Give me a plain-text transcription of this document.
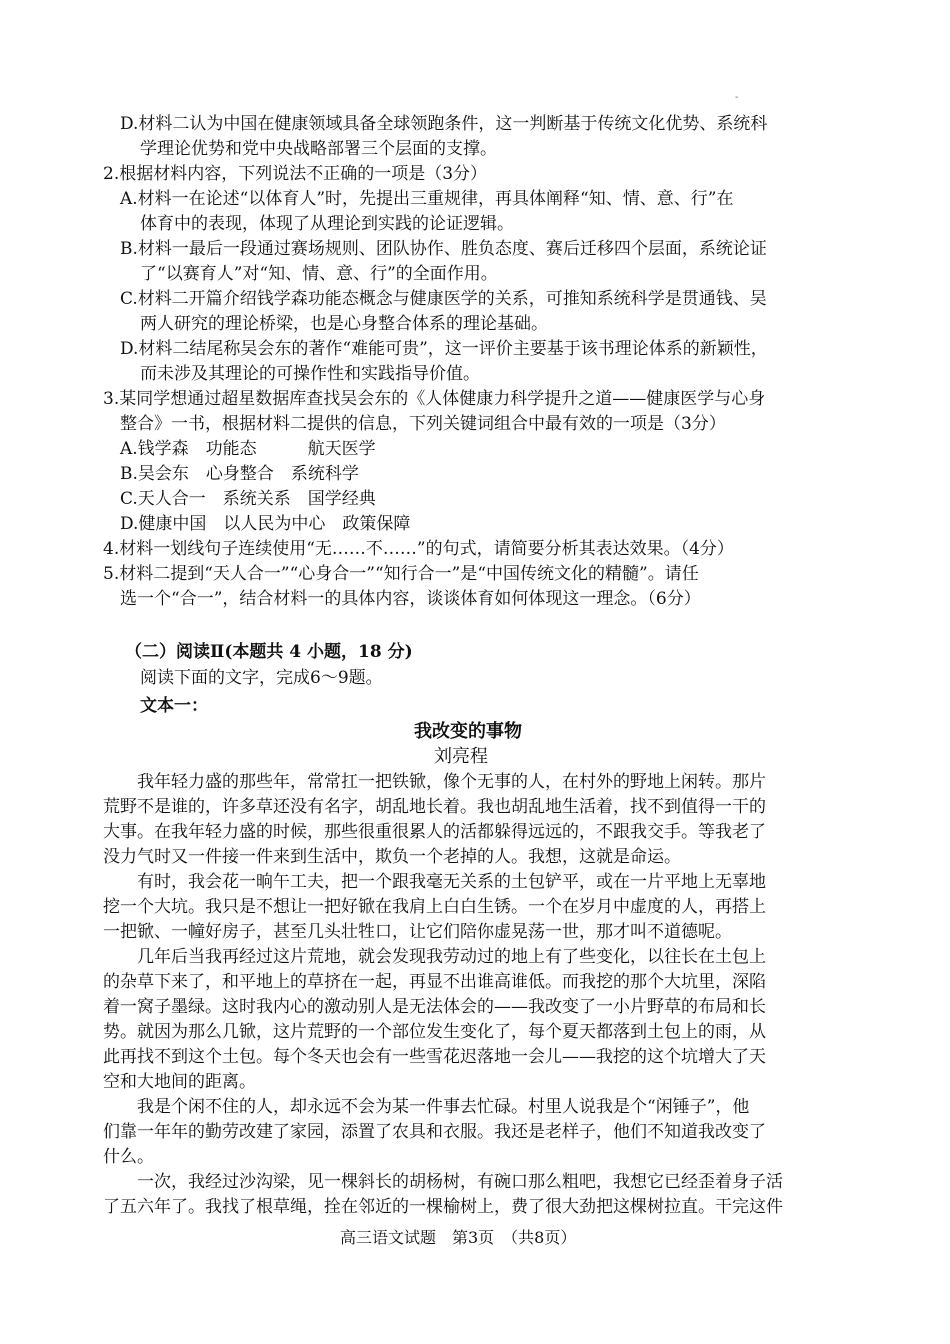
-
D.材料二认为中国在健康领域具备全球领跑条件，这一判断基于传统文化优势、系统科
学理论优势和党中央战略部署三个层面的支撑。
2.根据材料内容，下列说法不正确的一项是（3分）
A.材料一在论述“以体育人”时，先提出三重规律，再具体阐释“知、情、意、行”在
体育中的表现，体现了从理论到实践的论证逻辑。
B.材料一最后一段通过赛场规则、团队协作、胜负态度、赛后迁移四个层面，系统论证
了“以赛育人”对“知、情、意、行”的全面作用。
C.材料二开篇介绍钱学森功能态概念与健康医学的关系，可推知系统科学是贯通钱、吴
两人研究的理论桥梁，也是心身整合体系的理论基础。
D.材料二结尾称吴会东的著作“难能可贵”，这一评价主要基于该书理论体系的新颖性，
而未涉及其理论的可操作性和实践指导价值。
3.某同学想通过超星数据库查找吴会东的《人体健康力科学提升之道——健康医学与心身
整合》一书，根据材料二提供的信息，下列关键词组合中最有效的一项是（3分）
A.钱学森　功能态　　　航天医学
B.吴会东　心身整合　系统科学
C.天人合一　系统关系　国学经典
D.健康中国　以人民为中心　政策保障
4.材料一划线句子连续使用“无……不……”的句式，请简要分析其表达效果。（4分）
5.材料二提到“天人合一”“心身合一”“知行合一”是“中国传统文化的精髓”。请任
选一个“合一”，结合材料一的具体内容，谈谈体育如何体现这一理念。（6分）
（二）阅读Ⅱ(本题共 4 小题，18 分)
阅读下面的文字，完成6～9题。
文本一：
我改变的事物
刘亮程
　　我年轻力盛的那些年，常常扛一把铁锨，像个无事的人，在村外的野地上闲转。那片
荒野不是谁的，许多草还没有名字，胡乱地长着。我也胡乱地生活着，找不到值得一干的
大事。在我年轻力盛的时候，那些很重很累人的活都躲得远远的，不跟我交手。等我老了
没力气时又一件接一件来到生活中，欺负一个老掉的人。我想，这就是命运。
　　有时，我会花一晌午工夫，把一个跟我毫无关系的土包铲平，或在一片平地上无辜地
挖一个大坑。我只是不想让一把好锨在我肩上白白生锈。一个在岁月中虚度的人，再搭上
一把锨、一幢好房子，甚至几头壮牲口，让它们陪你虚晃荡一世，那才叫不道德呢。
　　几年后当我再经过这片荒地，就会发现我劳动过的地上有了些变化，以往长在土包上
的杂草下来了，和平地上的草挤在一起，再显不出谁高谁低。而我挖的那个大坑里，深陷
着一窝子墨绿。这时我内心的激动别人是无法体会的——我改变了一小片野草的布局和长
势。就因为那么几锨，这片荒野的一个部位发生变化了，每个夏天都落到土包上的雨，从
此再找不到这个土包。每个冬天也会有一些雪花迟落地一会儿——我挖的这个坑增大了天
空和大地间的距离。
　　我是个闲不住的人，却永远不会为某一件事去忙碌。村里人说我是个“闲锤子”，他
们靠一年年的勤劳改建了家园，添置了农具和衣服。我还是老样子，他们不知道我改变了
什么。
　　一次，我经过沙沟梁，见一棵斜长的胡杨树，有碗口那么粗吧，我想它已经歪着身子活
了五六年了。我找了根草绳，拴在邻近的一棵榆树上，费了很大劲把这棵树拉直。干完这件
高三语文试题　第3页　（共8页）
